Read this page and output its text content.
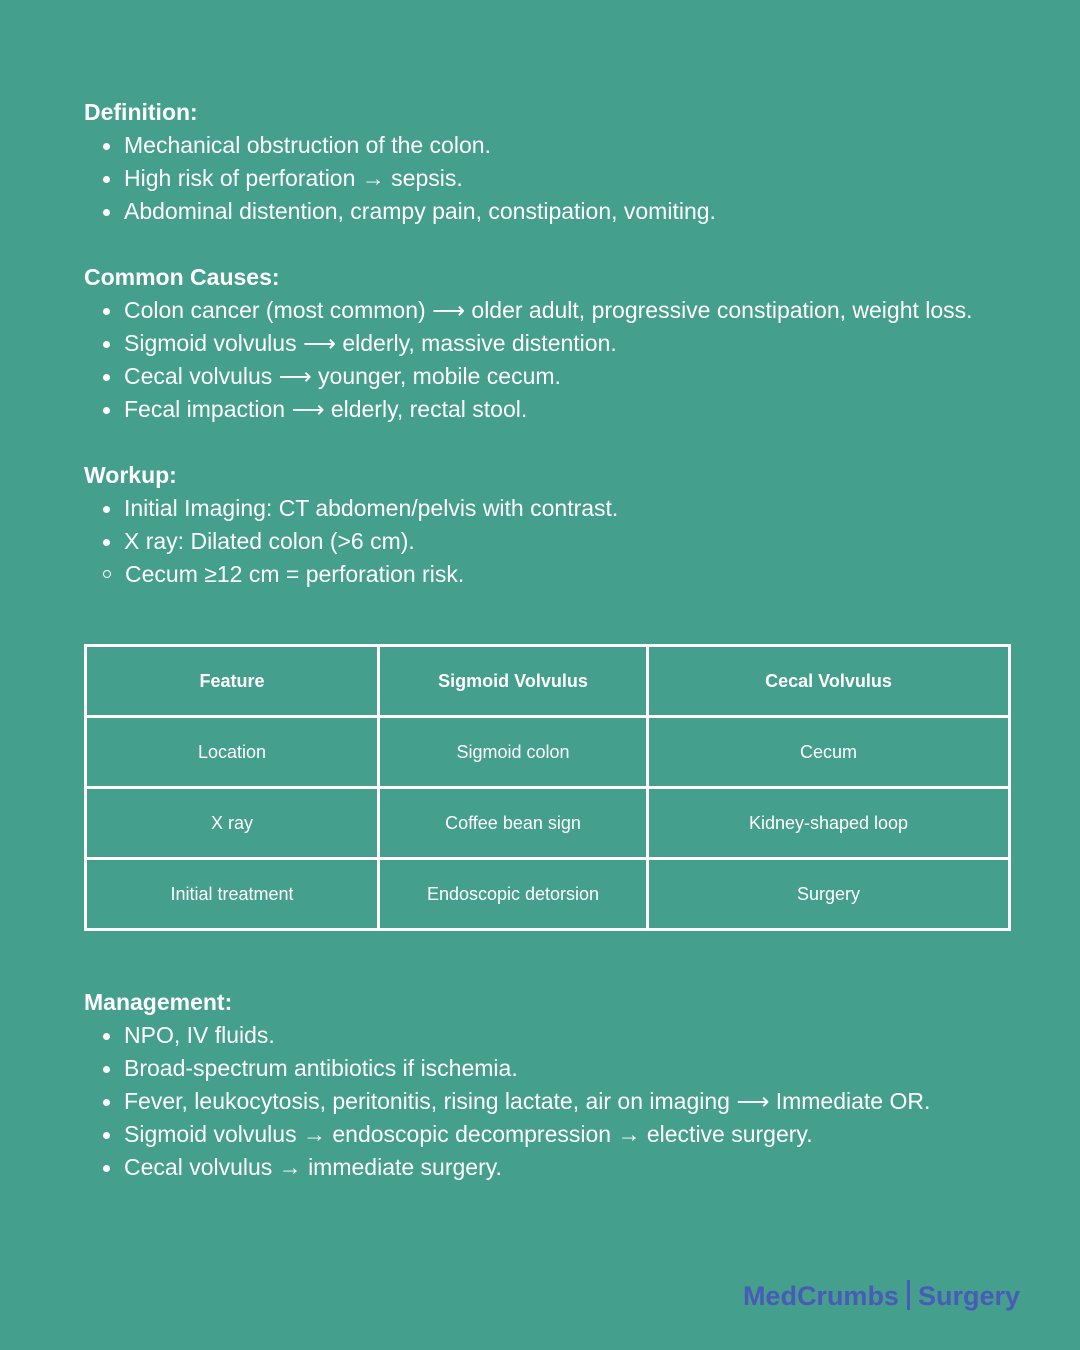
Definition:
Mechanical obstruction of the colon.
High risk of perforation → sepsis.
Abdominal distention, crampy pain, constipation, vomiting.
Common Causes:
Colon cancer (most common) ⟶ older adult, progressive constipation, weight loss.
Sigmoid volvulus ⟶ elderly, massive distention.
Cecal volvulus ⟶ younger, mobile cecum.
Fecal impaction ⟶ elderly, rectal stool.
Workup:
Initial Imaging: CT abdomen/pelvis with contrast.
X ray: Dilated colon (>6 cm).
Cecum ≥12 cm = perforation risk.
Feature	Sigmoid Volvulus	Cecal Volvulus
Location	Sigmoid colon	Cecum
X ray	Coffee bean sign	Kidney-shaped loop
Initial treatment	Endoscopic detorsion	Surgery
Management:
NPO, IV fluids.
Broad-spectrum antibiotics if ischemia.
Fever, leukocytosis, peritonitis, rising lactate, air on imaging ⟶ Immediate OR.
Sigmoid volvulus → endoscopic decompression → elective surgery.
Cecal volvulus → immediate surgery.
MedCrumbs Surgery
